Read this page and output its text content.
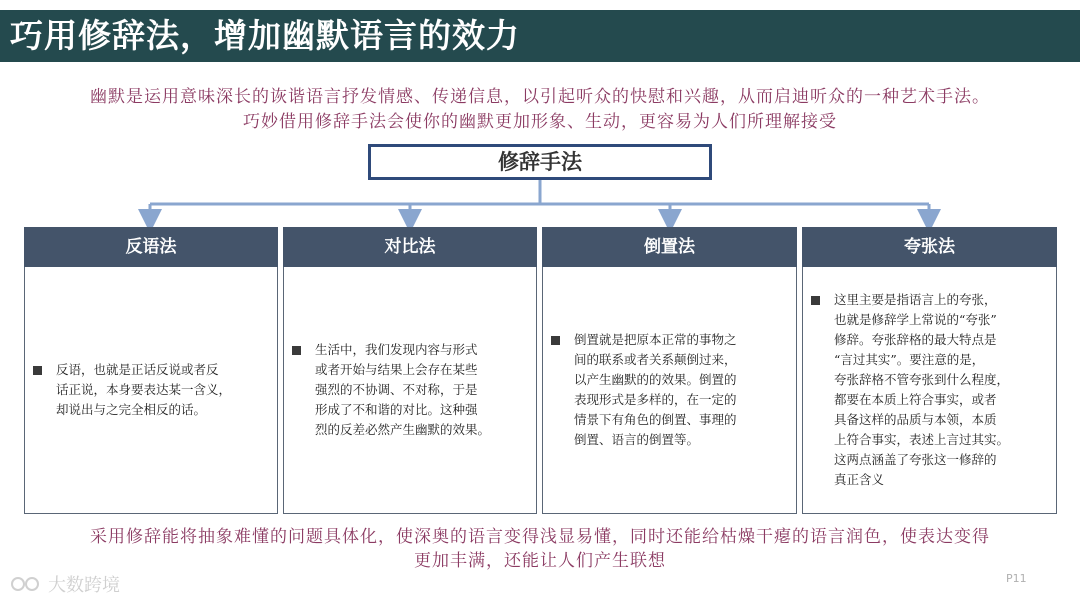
巧用修辞法，增加幽默语言的效力
幽默是运用意味深长的诙谐语言抒发情感、传递信息，以引起听众的快慰和兴趣，从而启迪听众的一种艺术手法。
巧妙借用修辞手法会使你的幽默更加形象、生动，更容易为人们所理解接受
修辞手法
反语法
反语，也就是正话反说或者反
话正说，本身要表达某一含义，
却说出与之完全相反的话。
对比法
生活中，我们发现内容与形式
或者开始与结果上会存在某些
强烈的不协调、不对称，于是
形成了不和谐的对比。这种强
烈的反差必然产生幽默的效果。
倒置法
倒置就是把原本正常的事物之
间的联系或者关系颠倒过来，
以产生幽默的的效果。倒置的
表现形式是多样的，在一定的
情景下有角色的倒置、事理的
倒置、语言的倒置等。
夸张法
这里主要是指语言上的夸张，
也就是修辞学上常说的“夸张”
修辞。夸张辞格的最大特点是
“言过其实”。要注意的是，
夸张辞格不管夸张到什么程度，
都要在本质上符合事实，或者
具备这样的品质与本领，本质
上符合事实，表述上言过其实。
这两点涵盖了夸张这一修辞的
真正含义
采用修辞能将抽象难懂的问题具体化，使深奥的语言变得浅显易懂，同时还能给枯燥干瘪的语言润色，使表达变得
更加丰满，还能让人们产生联想
大数跨境	P11
